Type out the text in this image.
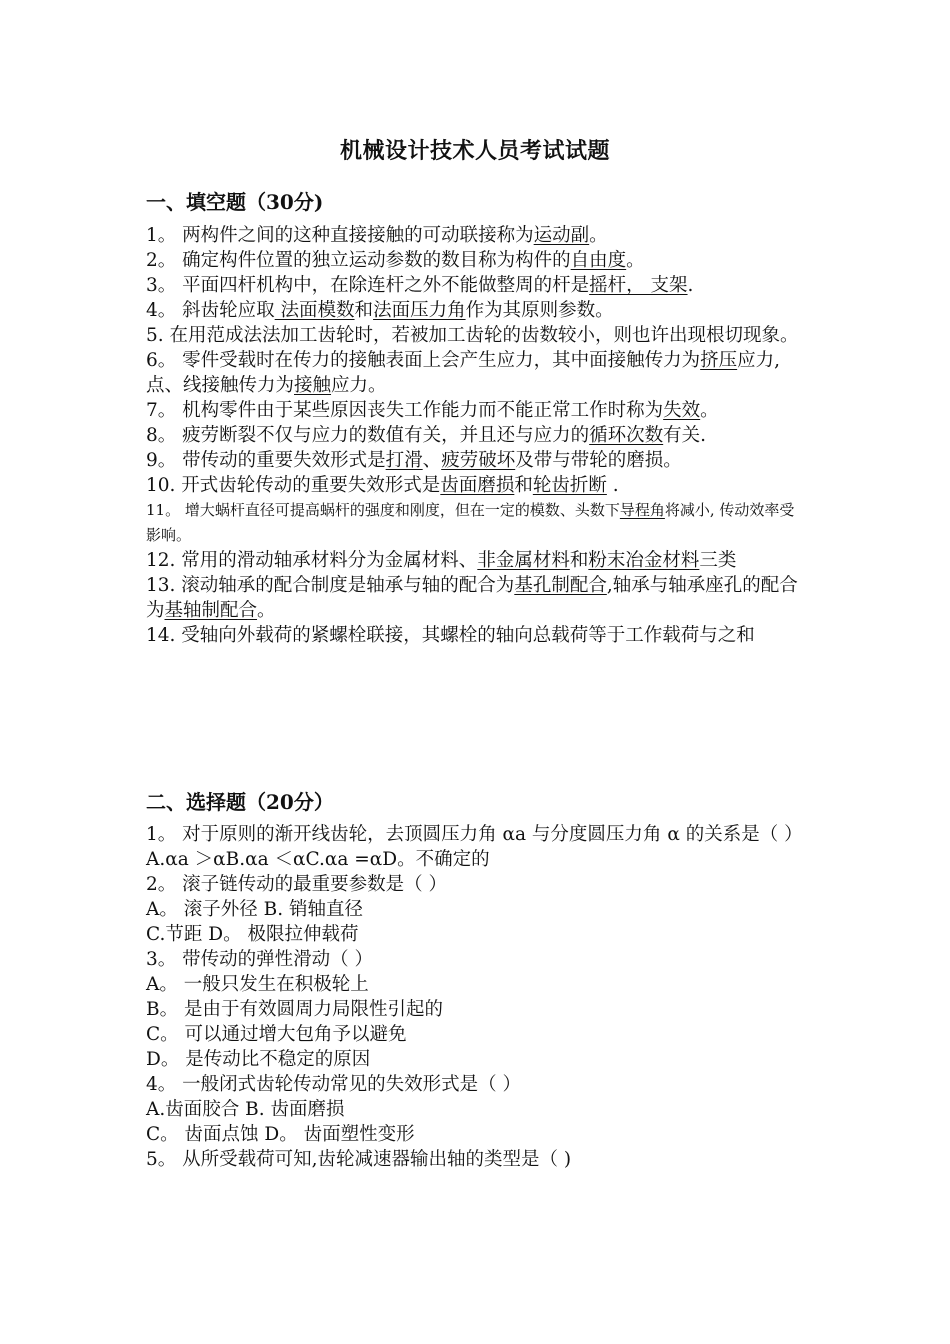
机械设计技术人员考试试题
一、填空题（30分)

1。 两构件之间的这种直接接触的可动联接称为运动副。

2。 确定构件位置的独立运动参数的数目称为构件的自由度。

3。 平面四杆机构中，在除连杆之外不能做整周的杆是摇杆， 支架.

4。 斜齿轮应取 法面模数和法面压力角作为其原则参数。

5. 在用范成法法加工齿轮时，若被加工齿轮的齿数较小，则也许出现根切现象。

6。 零件受载时在传力的接触表面上会产生应力，其中面接触传力为挤压应力,点、线接触传力为接触应力。

7。 机构零件由于某些原因丧失工作能力而不能正常工作时称为失效。

8。 疲劳断裂不仅与应力的数值有关，并且还与应力的循环次数有关.

9。 带传动的重要失效形式是打滑、疲劳破坏及带与带轮的磨损。

10. 开式齿轮传动的重要失效形式是齿面磨损和轮齿折断 .

11。 增大蜗杆直径可提高蜗杆的强度和刚度，但在一定的模数、头数下导程角将减小, 传动效率受影响。

12. 常用的滑动轴承材料分为金属材料、非金属材料和粉末冶金材料三类

13. 滚动轴承的配合制度是轴承与轴的配合为基孔制配合,轴承与轴承座孔的配合为基轴制配合。

14. 受轴向外载荷的紧螺栓联接，其螺栓的轴向总载荷等于工作载荷与之和

二、选择题（20分）

1。 对于原则的渐开线齿轮，去顶圆压力角 αa 与分度圆压力角 α 的关系是（ ）

A.αa ＞αB.αa ＜αC.αa =αD。不确定的

2。 滚子链传动的最重要参数是（ ）

A。 滚子外径 B. 销轴直径

C.节距 D。 极限拉伸载荷

3。 带传动的弹性滑动（ ）

A。 一般只发生在积极轮上

B。 是由于有效圆周力局限性引起的

C。 可以通过增大包角予以避免

D。 是传动比不稳定的原因

4。 一般闭式齿轮传动常见的失效形式是（ ）

A.齿面胶合 B. 齿面磨损

C。 齿面点蚀 D。 齿面塑性变形

5。 从所受载荷可知,齿轮减速器输出轴的类型是（ )
